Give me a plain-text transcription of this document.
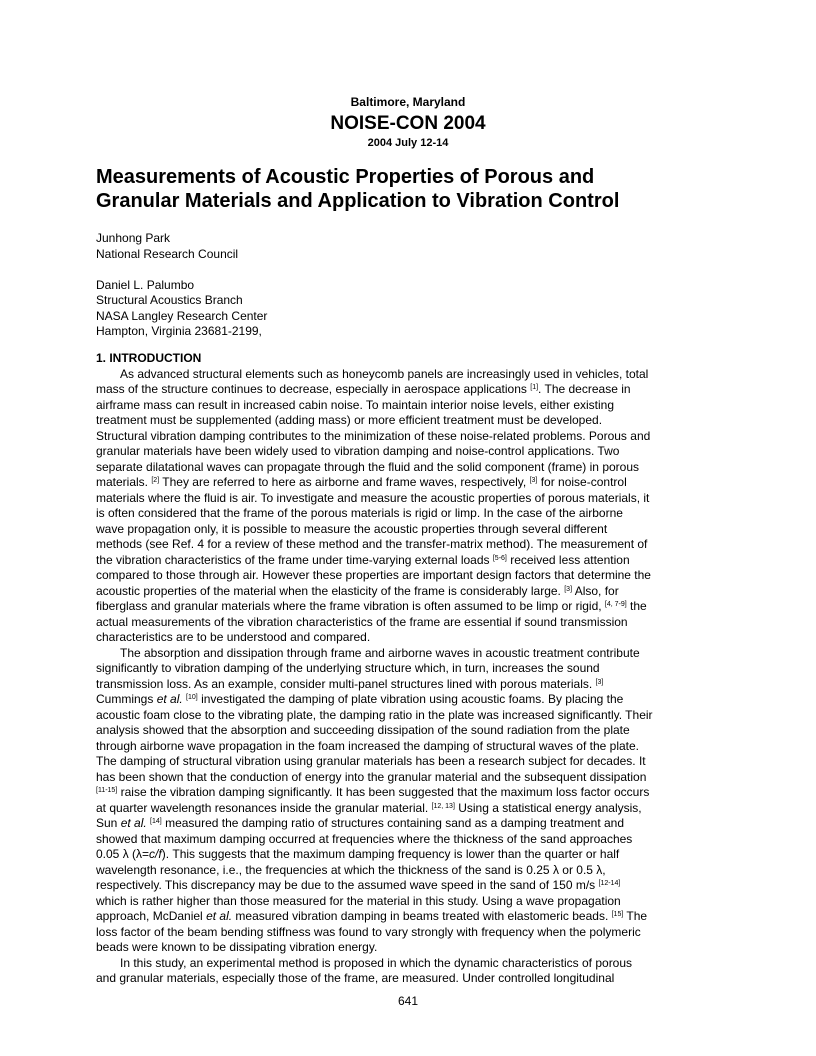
Baltimore, Maryland
NOISE-CON 2004
2004 July 12-14
Measurements of Acoustic Properties of Porous and
Granular Materials and Application to Vibration Control
Junhong Park
National Research Council
Daniel L. Palumbo
Structural Acoustics Branch
NASA Langley Research Center
Hampton, Virginia 23681-2199,
1. INTRODUCTION
As advanced structural elements such as honeycomb panels are increasingly used in vehicles, total
mass of the structure continues to decrease, especially in aerospace applications [1]. The decrease in
airframe mass can result in increased cabin noise. To maintain interior noise levels, either existing
treatment must be supplemented (adding mass) or more efficient treatment must be developed.
Structural vibration damping contributes to the minimization of these noise-related problems. Porous and
granular materials have been widely used to vibration damping and noise-control applications. Two
separate dilatational waves can propagate through the fluid and the solid component (frame) in porous
materials. [2] They are referred to here as airborne and frame waves, respectively, [3] for noise-control
materials where the fluid is air. To investigate and measure the acoustic properties of porous materials, it
is often considered that the frame of the porous materials is rigid or limp. In the case of the airborne
wave propagation only, it is possible to measure the acoustic properties through several different
methods (see Ref. 4 for a review of these method and the transfer-matrix method). The measurement of
the vibration characteristics of the frame under time-varying external loads [5-6] received less attention
compared to those through air. However these properties are important design factors that determine the
acoustic properties of the material when the elasticity of the frame is considerably large. [3] Also, for
fiberglass and granular materials where the frame vibration is often assumed to be limp or rigid, [4, 7-9] the
actual measurements of the vibration characteristics of the frame are essential if sound transmission
characteristics are to be understood and compared.
The absorption and dissipation through frame and airborne waves in acoustic treatment contribute
significantly to vibration damping of the underlying structure which, in turn, increases the sound
transmission loss. As an example, consider multi-panel structures lined with porous materials. [3]
Cummings et al. [10] investigated the damping of plate vibration using acoustic foams. By placing the
acoustic foam close to the vibrating plate, the damping ratio in the plate was increased significantly. Their
analysis showed that the absorption and succeeding dissipation of the sound radiation from the plate
through airborne wave propagation in the foam increased the damping of structural waves of the plate.
The damping of structural vibration using granular materials has been a research subject for decades. It
has been shown that the conduction of energy into the granular material and the subsequent dissipation
[11-15] raise the vibration damping significantly. It has been suggested that the maximum loss factor occurs
at quarter wavelength resonances inside the granular material. [12, 13] Using a statistical energy analysis,
Sun et al. [14] measured the damping ratio of structures containing sand as a damping treatment and
showed that maximum damping occurred at frequencies where the thickness of the sand approaches
0.05 λ (λ=c/f). This suggests that the maximum damping frequency is lower than the quarter or half
wavelength resonance, i.e., the frequencies at which the thickness of the sand is 0.25 λ or 0.5 λ,
respectively. This discrepancy may be due to the assumed wave speed in the sand of 150 m/s [12-14]
which is rather higher than those measured for the material in this study. Using a wave propagation
approach, McDaniel et al. measured vibration damping in beams treated with elastomeric beads. [15] The
loss factor of the beam bending stiffness was found to vary strongly with frequency when the polymeric
beads were known to be dissipating vibration energy.
In this study, an experimental method is proposed in which the dynamic characteristics of porous
and granular materials, especially those of the frame, are measured. Under controlled longitudinal
641
